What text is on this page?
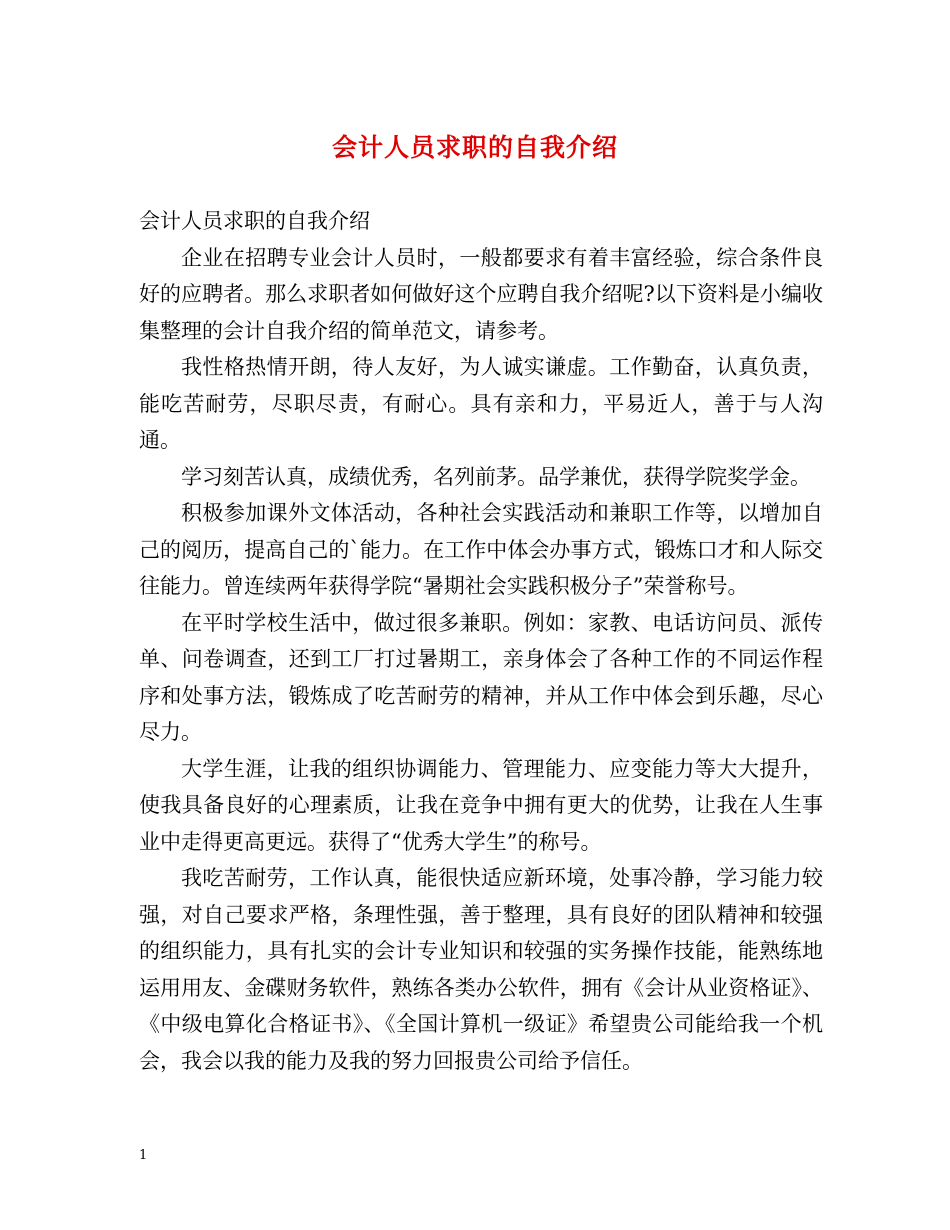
会计人员求职的自我介绍

会计人员求职的自我介绍

企业在招聘专业会计人员时，一般都要求有着丰富经验，综合条件良好的应聘者。那么求职者如何做好这个应聘自我介绍呢?以下资料是小编收集整理的会计自我介绍的简单范文，请参考。

我性格热情开朗，待人友好，为人诚实谦虚。工作勤奋，认真负责，能吃苦耐劳，尽职尽责，有耐心。具有亲和力，平易近人，善于与人沟通。

学习刻苦认真，成绩优秀，名列前茅。品学兼优，获得学院奖学金。

积极参加课外文体活动，各种社会实践活动和兼职工作等，以增加自己的阅历，提高自己的`能力。在工作中体会办事方式，锻炼口才和人际交往能力。曾连续两年获得学院“暑期社会实践积极分子”荣誉称号。

在平时学校生活中，做过很多兼职。例如：家教、电话访问员、派传单、问卷调查，还到工厂打过暑期工，亲身体会了各种工作的不同运作程序和处事方法，锻炼成了吃苦耐劳的精神，并从工作中体会到乐趣，尽心尽力。

大学生涯，让我的组织协调能力、管理能力、应变能力等大大提升，使我具备良好的心理素质，让我在竞争中拥有更大的优势，让我在人生事业中走得更高更远。获得了“优秀大学生”的称号。

我吃苦耐劳，工作认真，能很快适应新环境，处事冷静，学习能力较强，对自己要求严格，条理性强，善于整理，具有良好的团队精神和较强的组织能力，具有扎实的会计专业知识和较强的实务操作技能，能熟练地运用用友、金碟财务软件，熟练各类办公软件，拥有《会计从业资格证》、《中级电算化合格证书》、《全国计算机一级证》希望贵公司能给我一个机会，我会以我的能力及我的努力回报贵公司给予信任。

1
